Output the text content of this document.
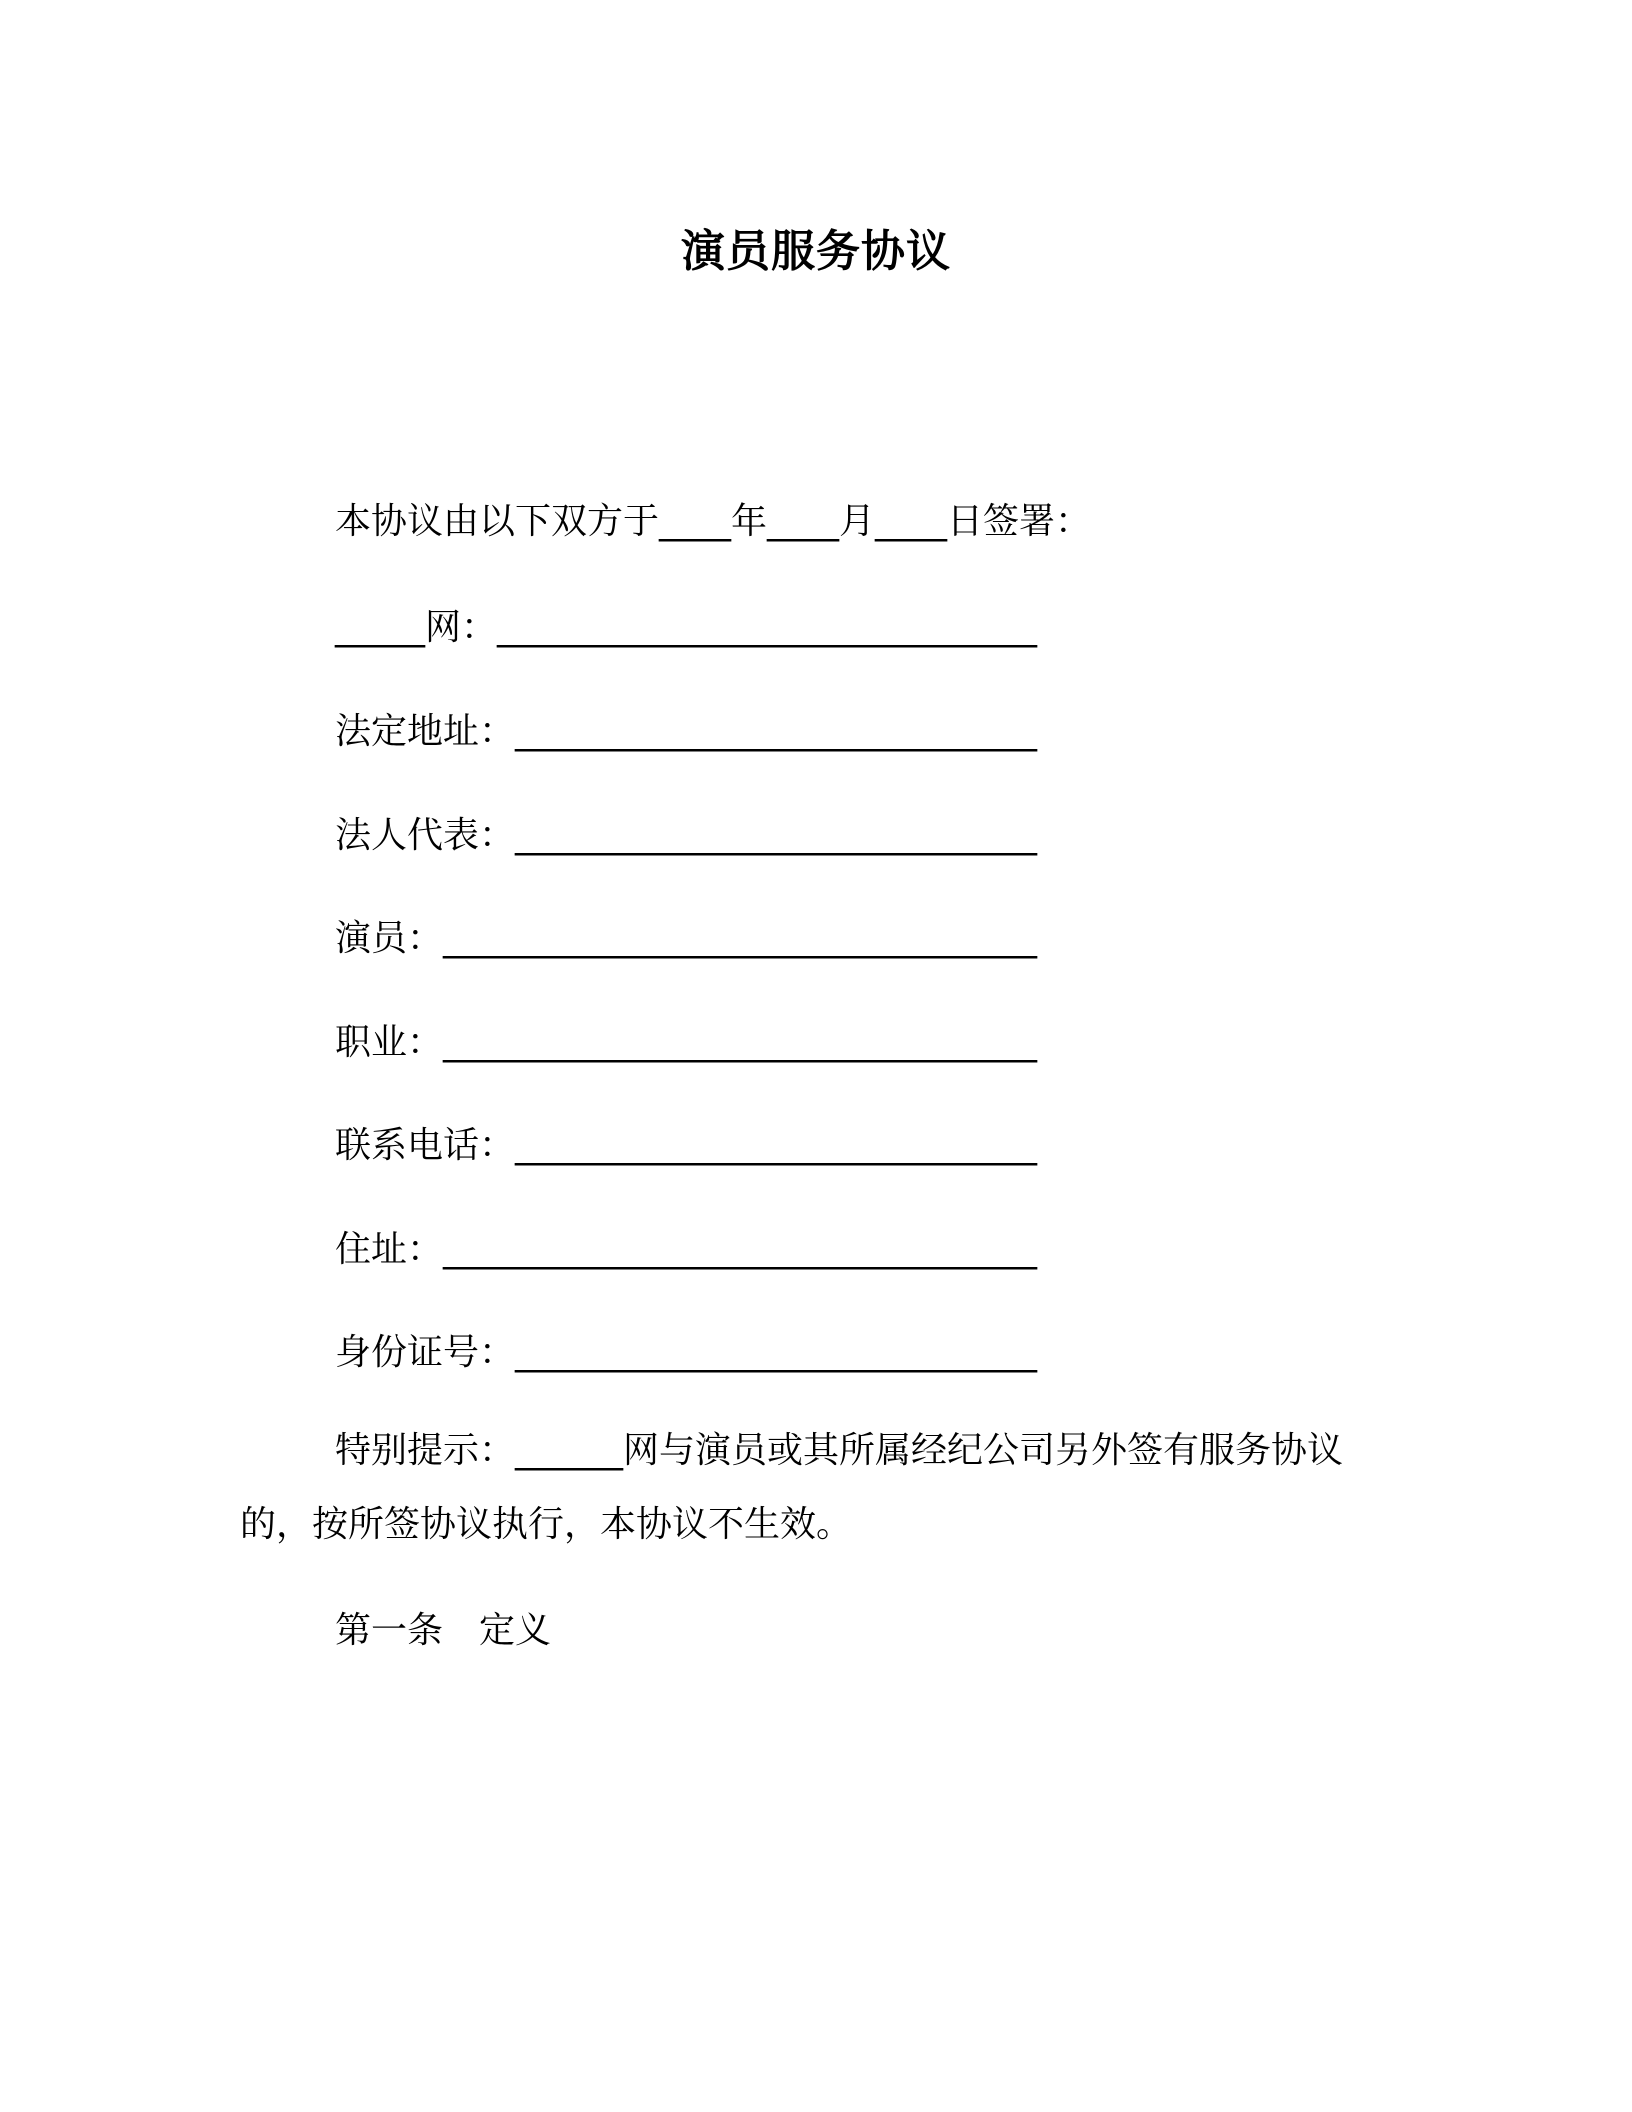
演员服务协议
本协议由以下双方于____年____月____日签署：
_____网：______________________________
法定地址：_____________________________
法人代表：_____________________________
演员：_________________________________
职业：_________________________________
联系电话：_____________________________
住址：_________________________________
身份证号：_____________________________
特别提示：______网与演员或其所属经纪公司另外签有服务协议的，按所签协议执行，本协议不生效。
第一条 定义
